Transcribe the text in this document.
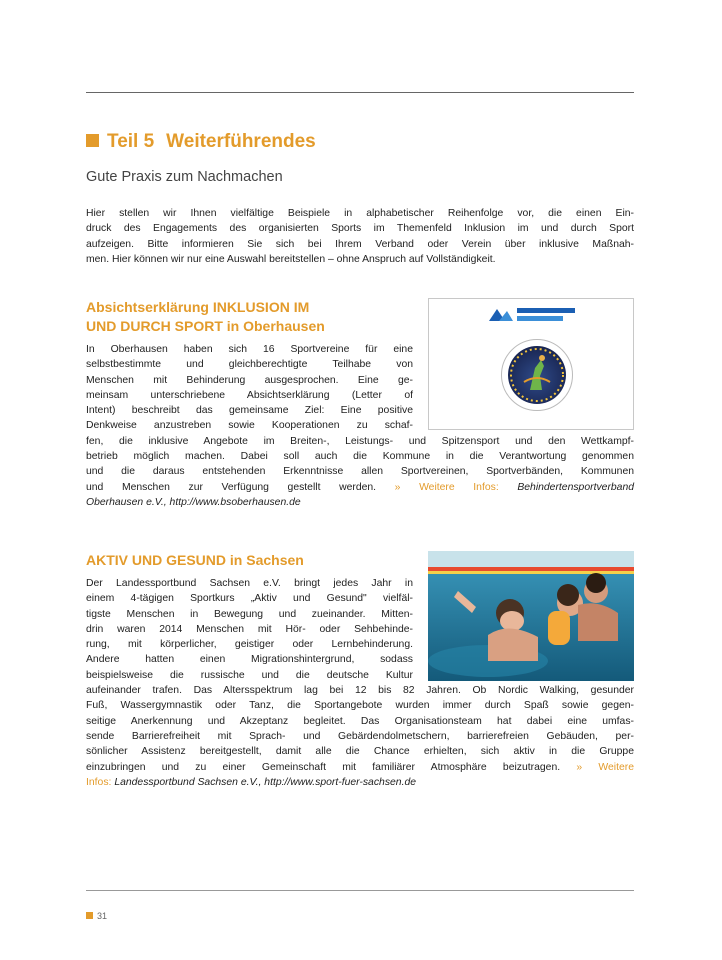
Teil 5 Weiterführendes
Gute Praxis zum Nachmachen
Hier stellen wir Ihnen vielfältige Beispiele in alphabetischer Reihenfolge vor, die einen Ein-
druck des Engagements des organisierten Sports im Themenfeld Inklusion im und durch Sport
aufzeigen. Bitte informieren Sie sich bei Ihrem Verband oder Verein über inklusive Maßnah-
men. Hier können wir nur eine Auswahl bereitstellen – ohne Anspruch auf Vollständigkeit.
Absichtserklärung INKLUSION IM
UND DURCH SPORT in Oberhausen
In Oberhausen haben sich 16 Sportvereine für eine
selbstbestimmte und gleichberechtigte Teilhabe von
Menschen mit Behinderung ausgesprochen. Eine ge-
meinsam unterschriebene Absichtserklärung (Letter of
Intent) beschreibt das gemeinsame Ziel: Eine positive
Denkweise anzustreben sowie Kooperationen zu schaf-
fen, die inklusive Angebote im Breiten-, Leistungs- und Spitzensport und den Wettkampf-
betrieb möglich machen. Dabei soll auch die Kommune in die Verantwortung genommen
und die daraus entstehenden Erkenntnisse allen Sportvereinen, Sportverbänden, Kommunen
und Menschen zur Verfügung gestellt werden. » Weitere Infos: Behindertensportverband
Oberhausen e.V., http://www.bsoberhausen.de
AKTIV UND GESUND in Sachsen
Der Landessportbund Sachsen e.V. bringt jedes Jahr in
einem 4-tägigen Sportkurs „Aktiv und Gesund" vielfäl-
tigste Menschen in Bewegung und zueinander. Mitten-
drin waren 2014 Menschen mit Hör- oder Sehbehinde-
rung, mit körperlicher, geistiger oder Lernbehinderung.
Andere hatten einen Migrationshintergrund, sodass
beispielsweise die russische und die deutsche Kultur
aufeinander trafen. Das Altersspektrum lag bei 12 bis 82 Jahren. Ob Nordic Walking, gesunder
Fuß, Wassergymnastik oder Tanz, die Sportangebote wurden immer durch Spaß sowie gegen-
seitige Anerkennung und Akzeptanz begleitet. Das Organisationsteam hat dabei eine umfas-
sende Barrierefreiheit mit Sprach- und Gebärdendolmetschern, barrierefreien Gebäuden, per-
sönlicher Assistenz bereitgestellt, damit alle die Chance erhielten, sich aktiv in die Gruppe
einzubringen und zu einer Gemeinschaft mit familiärer Atmosphäre beizutragen. » Weitere
Infos: Landessportbund Sachsen e.V., http://www.sport-fuer-sachsen.de
31
